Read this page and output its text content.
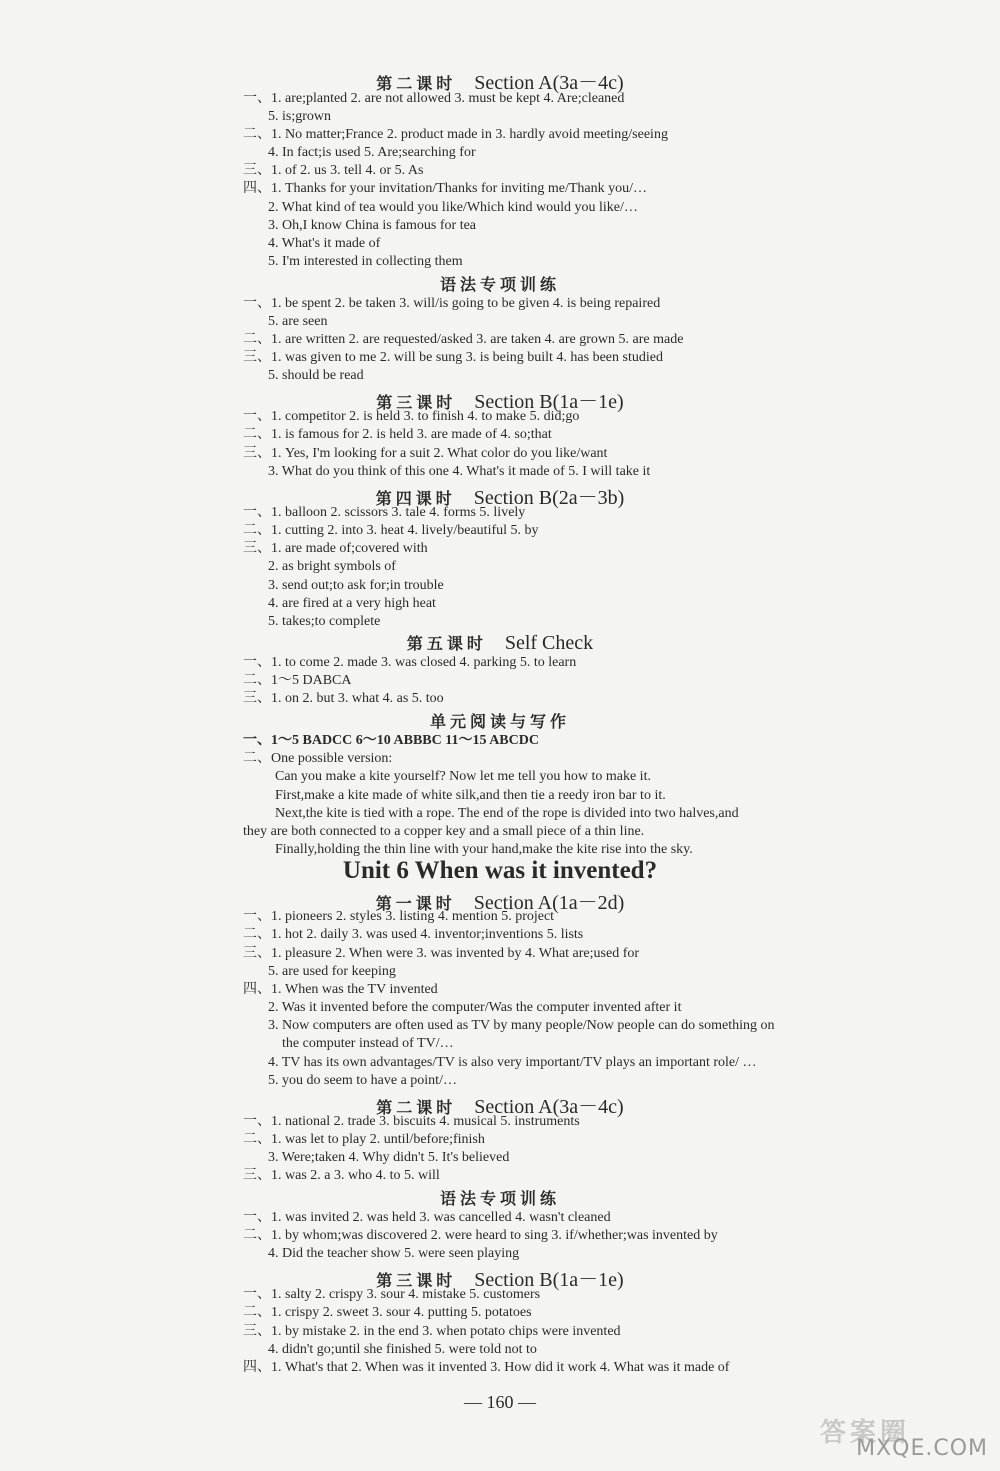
第二课时 Section A(3a－4c)
一、1. are;planted 2. are not allowed 3. must be kept 4. Are;cleaned
5. is;grown
二、1. No matter;France 2. product made in 3. hardly avoid meeting/seeing
4. In fact;is used 5. Are;searching for
三、1. of 2. us 3. tell 4. or 5. As
四、1. Thanks for your invitation/Thanks for inviting me/Thank you/…
2. What kind of tea would you like/Which kind would you like/…
3. Oh,I know China is famous for tea
4. What's it made of
5. I'm interested in collecting them
语法专项训练
一、1. be spent 2. be taken 3. will/is going to be given 4. is being repaired
5. are seen
二、1. are written 2. are requested/asked 3. are taken 4. are grown 5. are made
三、1. was given to me 2. will be sung 3. is being built 4. has been studied
5. should be read
第三课时 Section B(1a－1e)
一、1. competitor 2. is held 3. to finish 4. to make 5. did;go
二、1. is famous for 2. is held 3. are made of 4. so;that
三、1. Yes, I'm looking for a suit 2. What color do you like/want
3. What do you think of this one 4. What's it made of 5. I will take it
第四课时 Section B(2a－3b)
一、1. balloon 2. scissors 3. tale 4. forms 5. lively
二、1. cutting 2. into 3. heat 4. lively/beautiful 5. by
三、1. are made of;covered with
2. as bright symbols of
3. send out;to ask for;in trouble
4. are fired at a very high heat
5. takes;to complete
第五课时 Self Check
一、1. to come 2. made 3. was closed 4. parking 5. to learn
二、1～5 DABCA
三、1. on 2. but 3. what 4. as 5. too
单元阅读与写作
一、1～5 BADCC 6～10 ABBBC 11～15 ABCDC
二、One possible version:
Can you make a kite yourself? Now let me tell you how to make it.
First,make a kite made of white silk,and then tie a reedy iron bar to it.
Next,the kite is tied with a rope. The end of the rope is divided into two halves,and
they are both connected to a copper key and a small piece of a thin line.
Finally,holding the thin line with your hand,make the kite rise into the sky.
Unit 6 When was it invented?
第一课时 Section A(1a－2d)
一、1. pioneers 2. styles 3. listing 4. mention 5. project
二、1. hot 2. daily 3. was used 4. inventor;inventions 5. lists
三、1. pleasure 2. When were 3. was invented by 4. What are;used for
5. are used for keeping
四、1. When was the TV invented
2. Was it invented before the computer/Was the computer invented after it
3. Now computers are often used as TV by many people/Now people can do something on
the computer instead of TV/…
4. TV has its own advantages/TV is also very important/TV plays an important role/ …
5. you do seem to have a point/…
第二课时 Section A(3a－4c)
一、1. national 2. trade 3. biscuits 4. musical 5. instruments
二、1. was let to play 2. until/before;finish
3. Were;taken 4. Why didn't 5. It's believed
三、1. was 2. a 3. who 4. to 5. will
语法专项训练
一、1. was invited 2. was held 3. was cancelled 4. wasn't cleaned
二、1. by whom;was discovered 2. were heard to sing 3. if/whether;was invented by
4. Did the teacher show 5. were seen playing
第三课时 Section B(1a－1e)
一、1. salty 2. crispy 3. sour 4. mistake 5. customers
二、1. crispy 2. sweet 3. sour 4. putting 5. potatoes
三、1. by mistake 2. in the end 3. when potato chips were invented
4. didn't go;until she finished 5. were told not to
四、1. What's that 2. When was it invented 3. How did it work 4. What was it made of
— 160 —
答案圈
MXQE.COM
